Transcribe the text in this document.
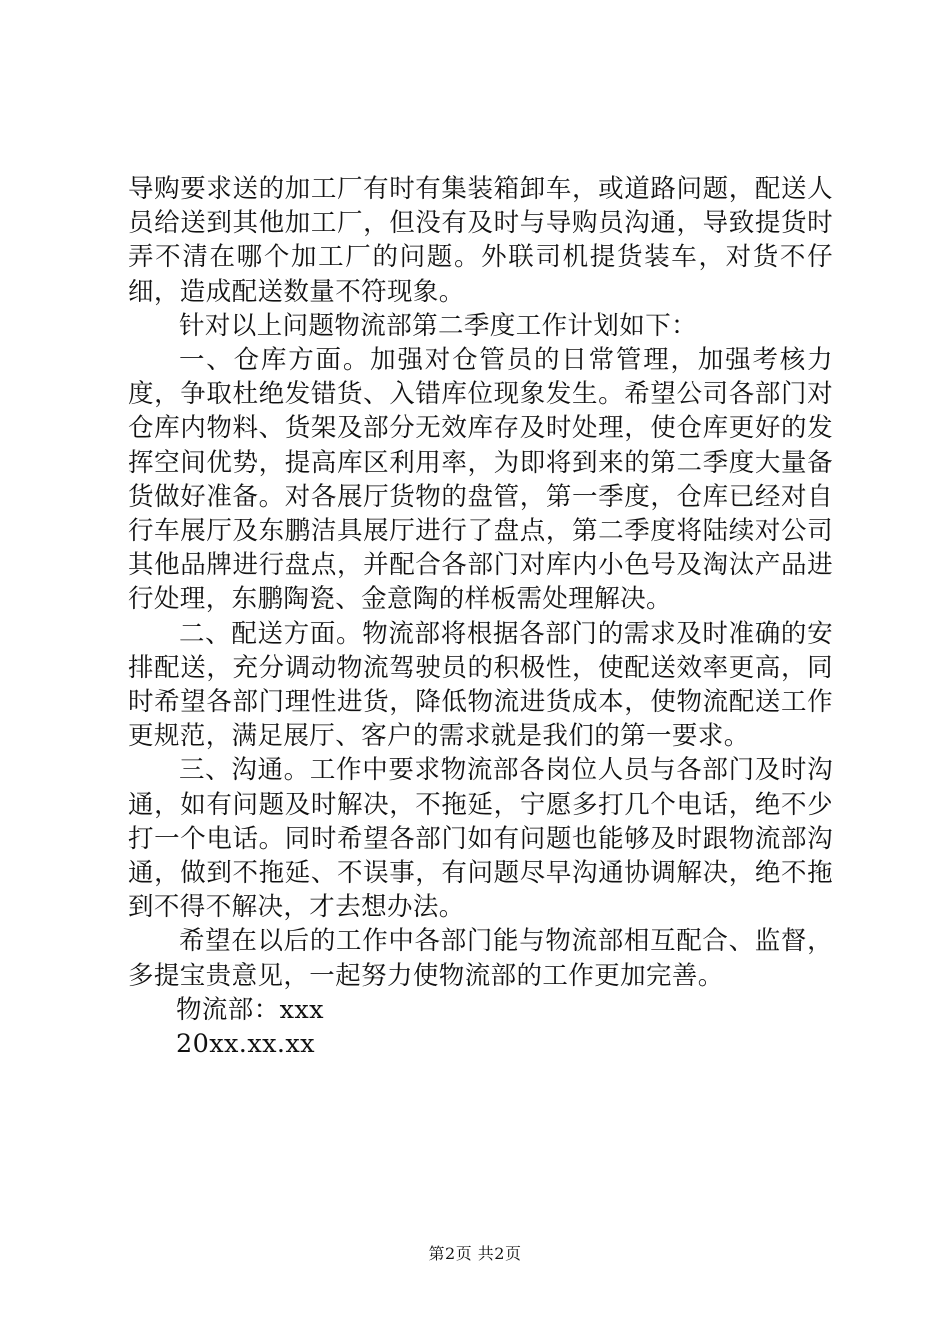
导购要求送的加工厂有时有集装箱卸车，或道路问题，配送人员给送到其他加工厂，但没有及时与导购员沟通，导致提货时弄不清在哪个加工厂的问题。外联司机提货装车，对货不仔细，造成配送数量不符现象。

针对以上问题物流部第二季度工作计划如下：

一、仓库方面。加强对仓管员的日常管理，加强考核力度，争取杜绝发错货、入错库位现象发生。希望公司各部门对仓库内物料、货架及部分无效库存及时处理，使仓库更好的发挥空间优势，提高库区利用率，为即将到来的第二季度大量备货做好准备。对各展厅货物的盘管，第一季度，仓库已经对自行车展厅及东鹏洁具展厅进行了盘点，第二季度将陆续对公司其他品牌进行盘点，并配合各部门对库内小色号及淘汰产品进行处理，东鹏陶瓷、金意陶的样板需处理解决。

二、配送方面。物流部将根据各部门的需求及时准确的安排配送，充分调动物流驾驶员的积极性，使配送效率更高，同时希望各部门理性进货，降低物流进货成本，使物流配送工作更规范，满足展厅、客户的需求就是我们的第一要求。

三、沟通。工作中要求物流部各岗位人员与各部门及时沟通，如有问题及时解决，不拖延，宁愿多打几个电话，绝不少打一个电话。同时希望各部门如有问题也能够及时跟物流部沟通，做到不拖延、不误事，有问题尽早沟通协调解决，绝不拖到不得不解决，才去想办法。

希望在以后的工作中各部门能与物流部相互配合、监督，多提宝贵意见，一起努力使物流部的工作更加完善。

物流部：xxx

20xx.xx.xx

第2页 共2页
